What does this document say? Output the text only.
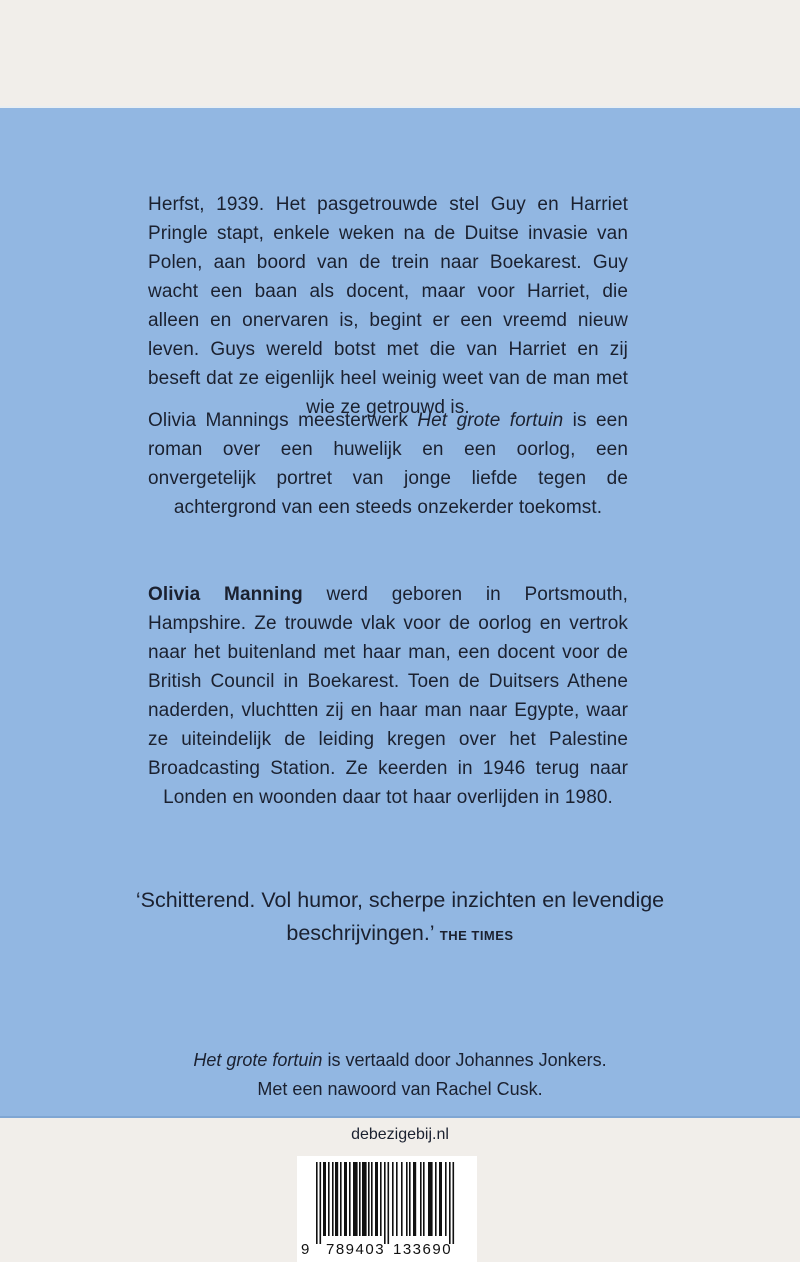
Herfst, 1939. Het pasgetrouwde stel Guy en Harriet Pringle stapt, enkele weken na de Duitse invasie van Polen, aan boord van de trein naar Boekarest. Guy wacht een baan als docent, maar voor Harriet, die alleen en onervaren is, begint er een vreemd nieuw leven. Guys wereld botst met die van Harriet en zij beseft dat ze eigenlijk heel weinig weet van de man met wie ze getrouwd is.

Olivia Mannings meesterwerk Het grote fortuin is een roman over een huwelijk en een oorlog, een onvergetelijk portret van jonge liefde tegen de achtergrond van een steeds onzekerder toekomst.

Olivia Manning werd geboren in Portsmouth, Hampshire. Ze trouwde vlak voor de oorlog en vertrok naar het buitenland met haar man, een docent voor de British Council in Boekarest. Toen de Duitsers Athene naderden, vluchtten zij en haar man naar Egypte, waar ze uiteindelijk de leiding kregen over het Palestine Broadcasting Station. Ze keerden in 1946 terug naar Londen en woonden daar tot haar overlijden in 1980.

‘Schitterend. Vol humor, scherpe inzichten en levendige beschrijvingen.’ THE TIMES

Het grote fortuin is vertaald door Johannes Jonkers.
Met een nawoord van Rachel Cusk.

debezigebij.nl
9 789403 133690
